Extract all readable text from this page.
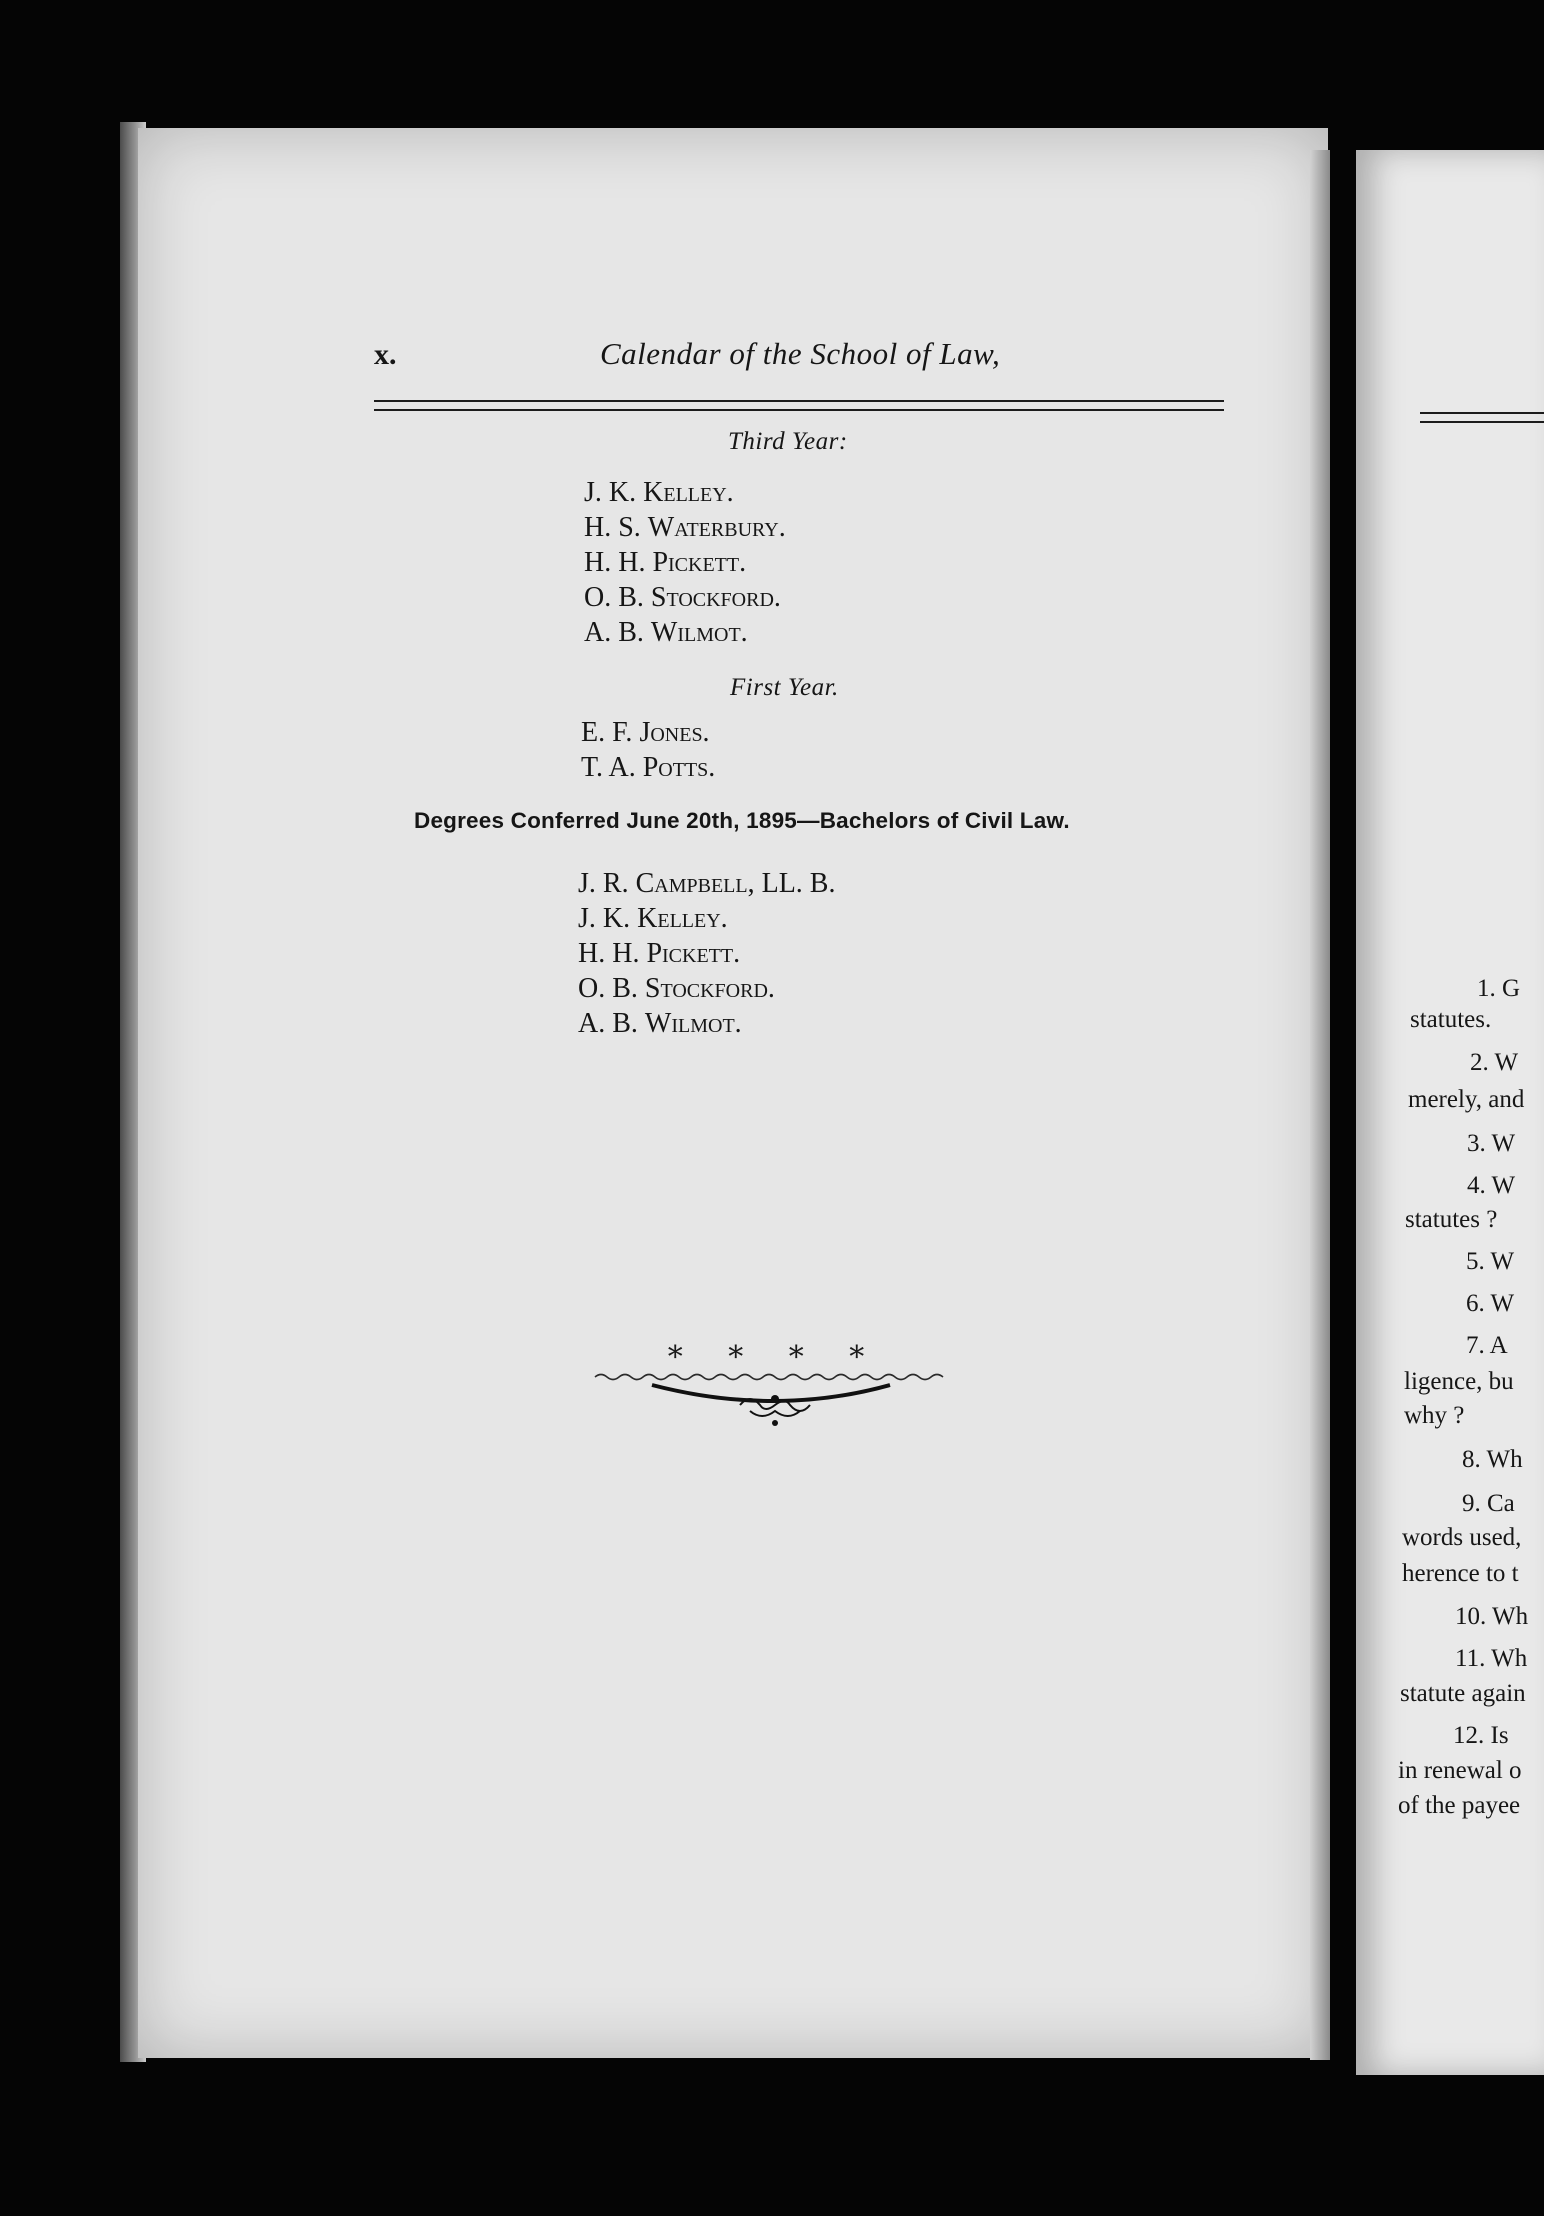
x.	Calendar of the School of Law,
Third Year:
J. K. Kelley.
H. S. Waterbury.
H. H. Pickett.
O. B. Stockford.
A. B. Wilmot.
First Year.
E. F. Jones.
T. A. Potts.
Degrees Conferred June 20th, 1895—Bachelors of Civil Law.
J. R. Campbell, LL. B.
J. K. Kelley.
H. H. Pickett.
O. B. Stockford.
A. B. Wilmot.
* * * *
1. G
statutes.
2. W
merely, and
3. W
4. W
statutes ?
5. W
6. W
7. A
ligence, bu
why ?
8. Wh
9. Ca
words used,
herence to t
10. Wh
11. Wh
statute again
12. Is
in renewal o
of the payee
